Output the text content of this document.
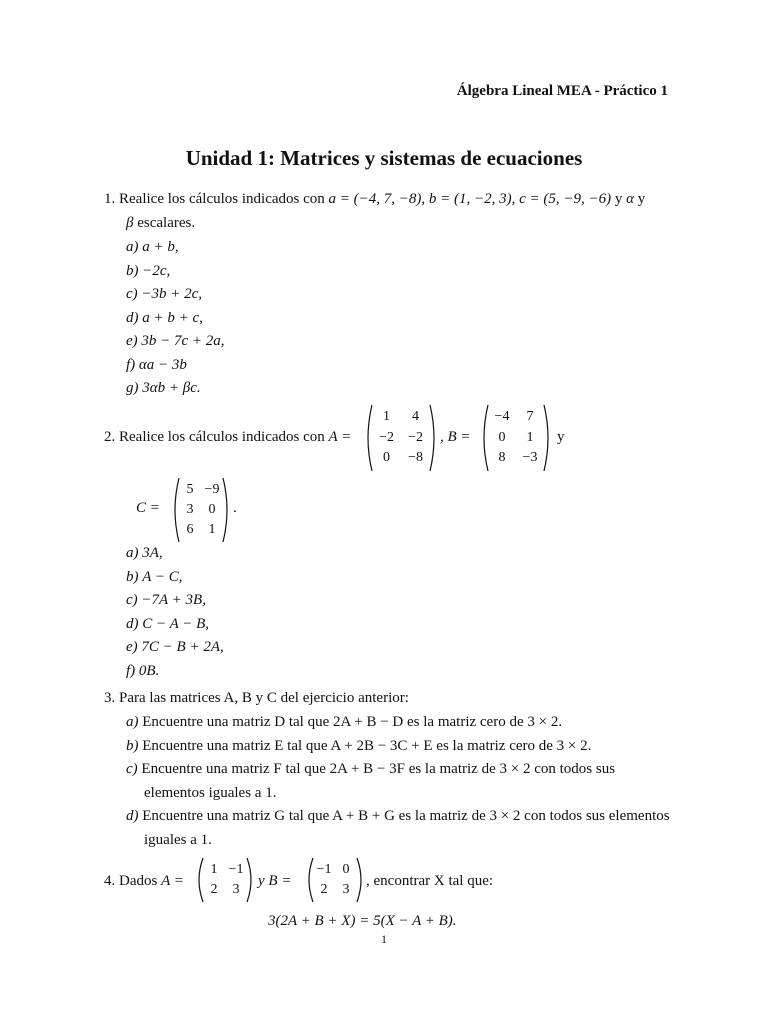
Álgebra Lineal MEA - Práctico 1
Unidad 1: Matrices y sistemas de ecuaciones
1. Realice los cálculos indicados con a = (−4, 7, −8), b = (1, −2, 3), c = (5, −9, −6) y α y
β escalares.
a) a + b,
b) −2c,
c) −3b + 2c,
d) a + b + c,
e) 3b − 7c + 2a,
f) αa − 3b
g) 3αb + βc.
2. Realice los cálculos indicados con A =
1	4
−2	−2
0	−8
, B =
−4	7
0	1
8	−3
y
C =
5 −9
3	0
6	1
.
a) 3A,
b) A − C,
c) −7A + 3B,
d) C − A − B,
e) 7C − B + 2A,
f) 0B.
3. Para las matrices A, B y C del ejercicio anterior:
a) Encuentre una matriz D tal que 2A + B − D es la matriz cero de 3 × 2.
b) Encuentre una matriz E tal que A + 2B − 3C + E es la matriz cero de 3 × 2.
c) Encuentre una matriz F tal que 2A + B − 3F es la matriz de 3 × 2 con todos sus
elementos iguales a 1.
d) Encuentre una matriz G tal que A + B + G es la matriz de 3 × 2 con todos sus elementos
iguales a 1.
4. Dados A =
1 −1
2	3
y B =
−1 0
2	3
, encontrar X tal que:
3(2A + B + X) = 5(X − A + B).
1
